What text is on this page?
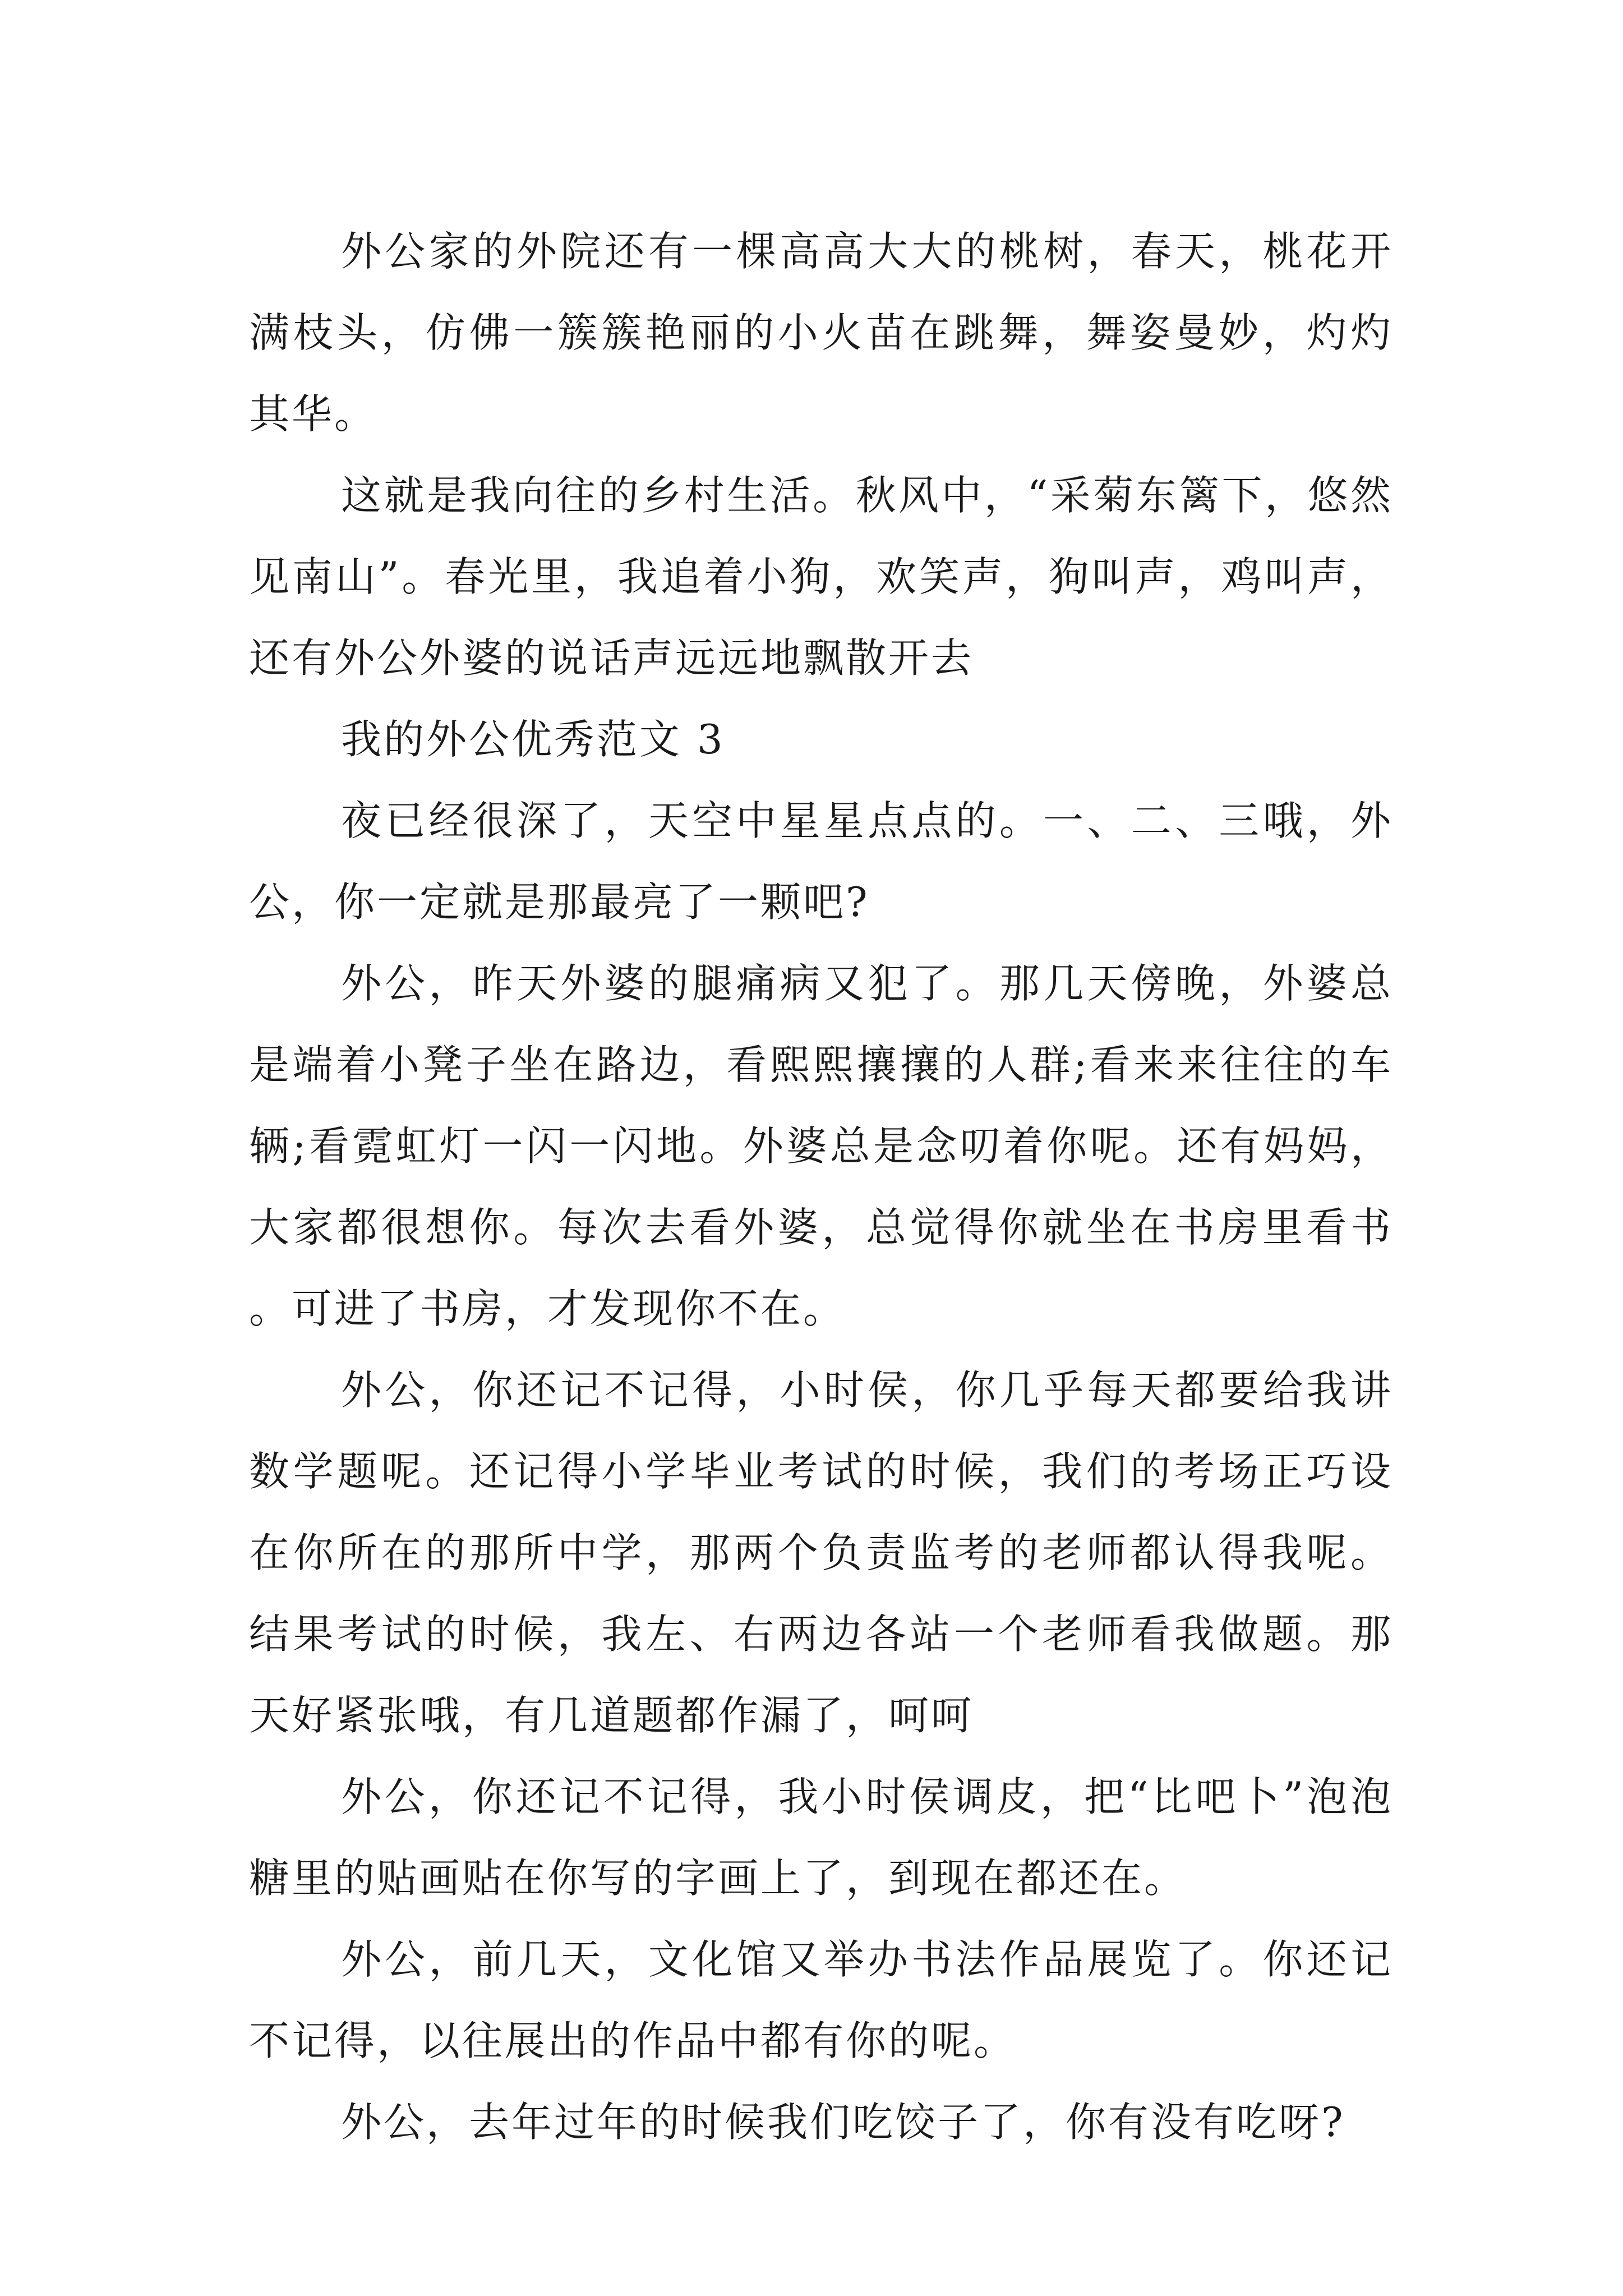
外公家的外院还有一棵高高大大的桃树，春天，桃花开满枝头，仿佛一簇簇艳丽的小火苗在跳舞，舞姿曼妙，灼灼其华。

这就是我向往的乡村生活。秋风中，“采菊东篱下，悠然见南山”。春光里，我追着小狗，欢笑声，狗叫声，鸡叫声，还有外公外婆的说话声远远地飘散开去

我的外公优秀范文 3

夜已经很深了，天空中星星点点的。一、二、三哦，外公，你一定就是那最亮了一颗吧?

外公，昨天外婆的腿痛病又犯了。那几天傍晚，外婆总是端着小凳子坐在路边，看熙熙攘攘的人群;看来来往往的车辆;看霓虹灯一闪一闪地。外婆总是念叨着你呢。还有妈妈，大家都很想你。每次去看外婆，总觉得你就坐在书房里看书。可进了书房，才发现你不在。

外公，你还记不记得，小时侯，你几乎每天都要给我讲数学题呢。还记得小学毕业考试的时候，我们的考场正巧设在你所在的那所中学，那两个负责监考的老师都认得我呢。结果考试的时候，我左、右两边各站一个老师看我做题。那天好紧张哦，有几道题都作漏了，呵呵

外公，你还记不记得，我小时侯调皮，把“比吧卜”泡泡糖里的贴画贴在你写的字画上了，到现在都还在。

外公，前几天，文化馆又举办书法作品展览了。你还记不记得，以往展出的作品中都有你的呢。

外公，去年过年的时候我们吃饺子了，你有没有吃呀?
